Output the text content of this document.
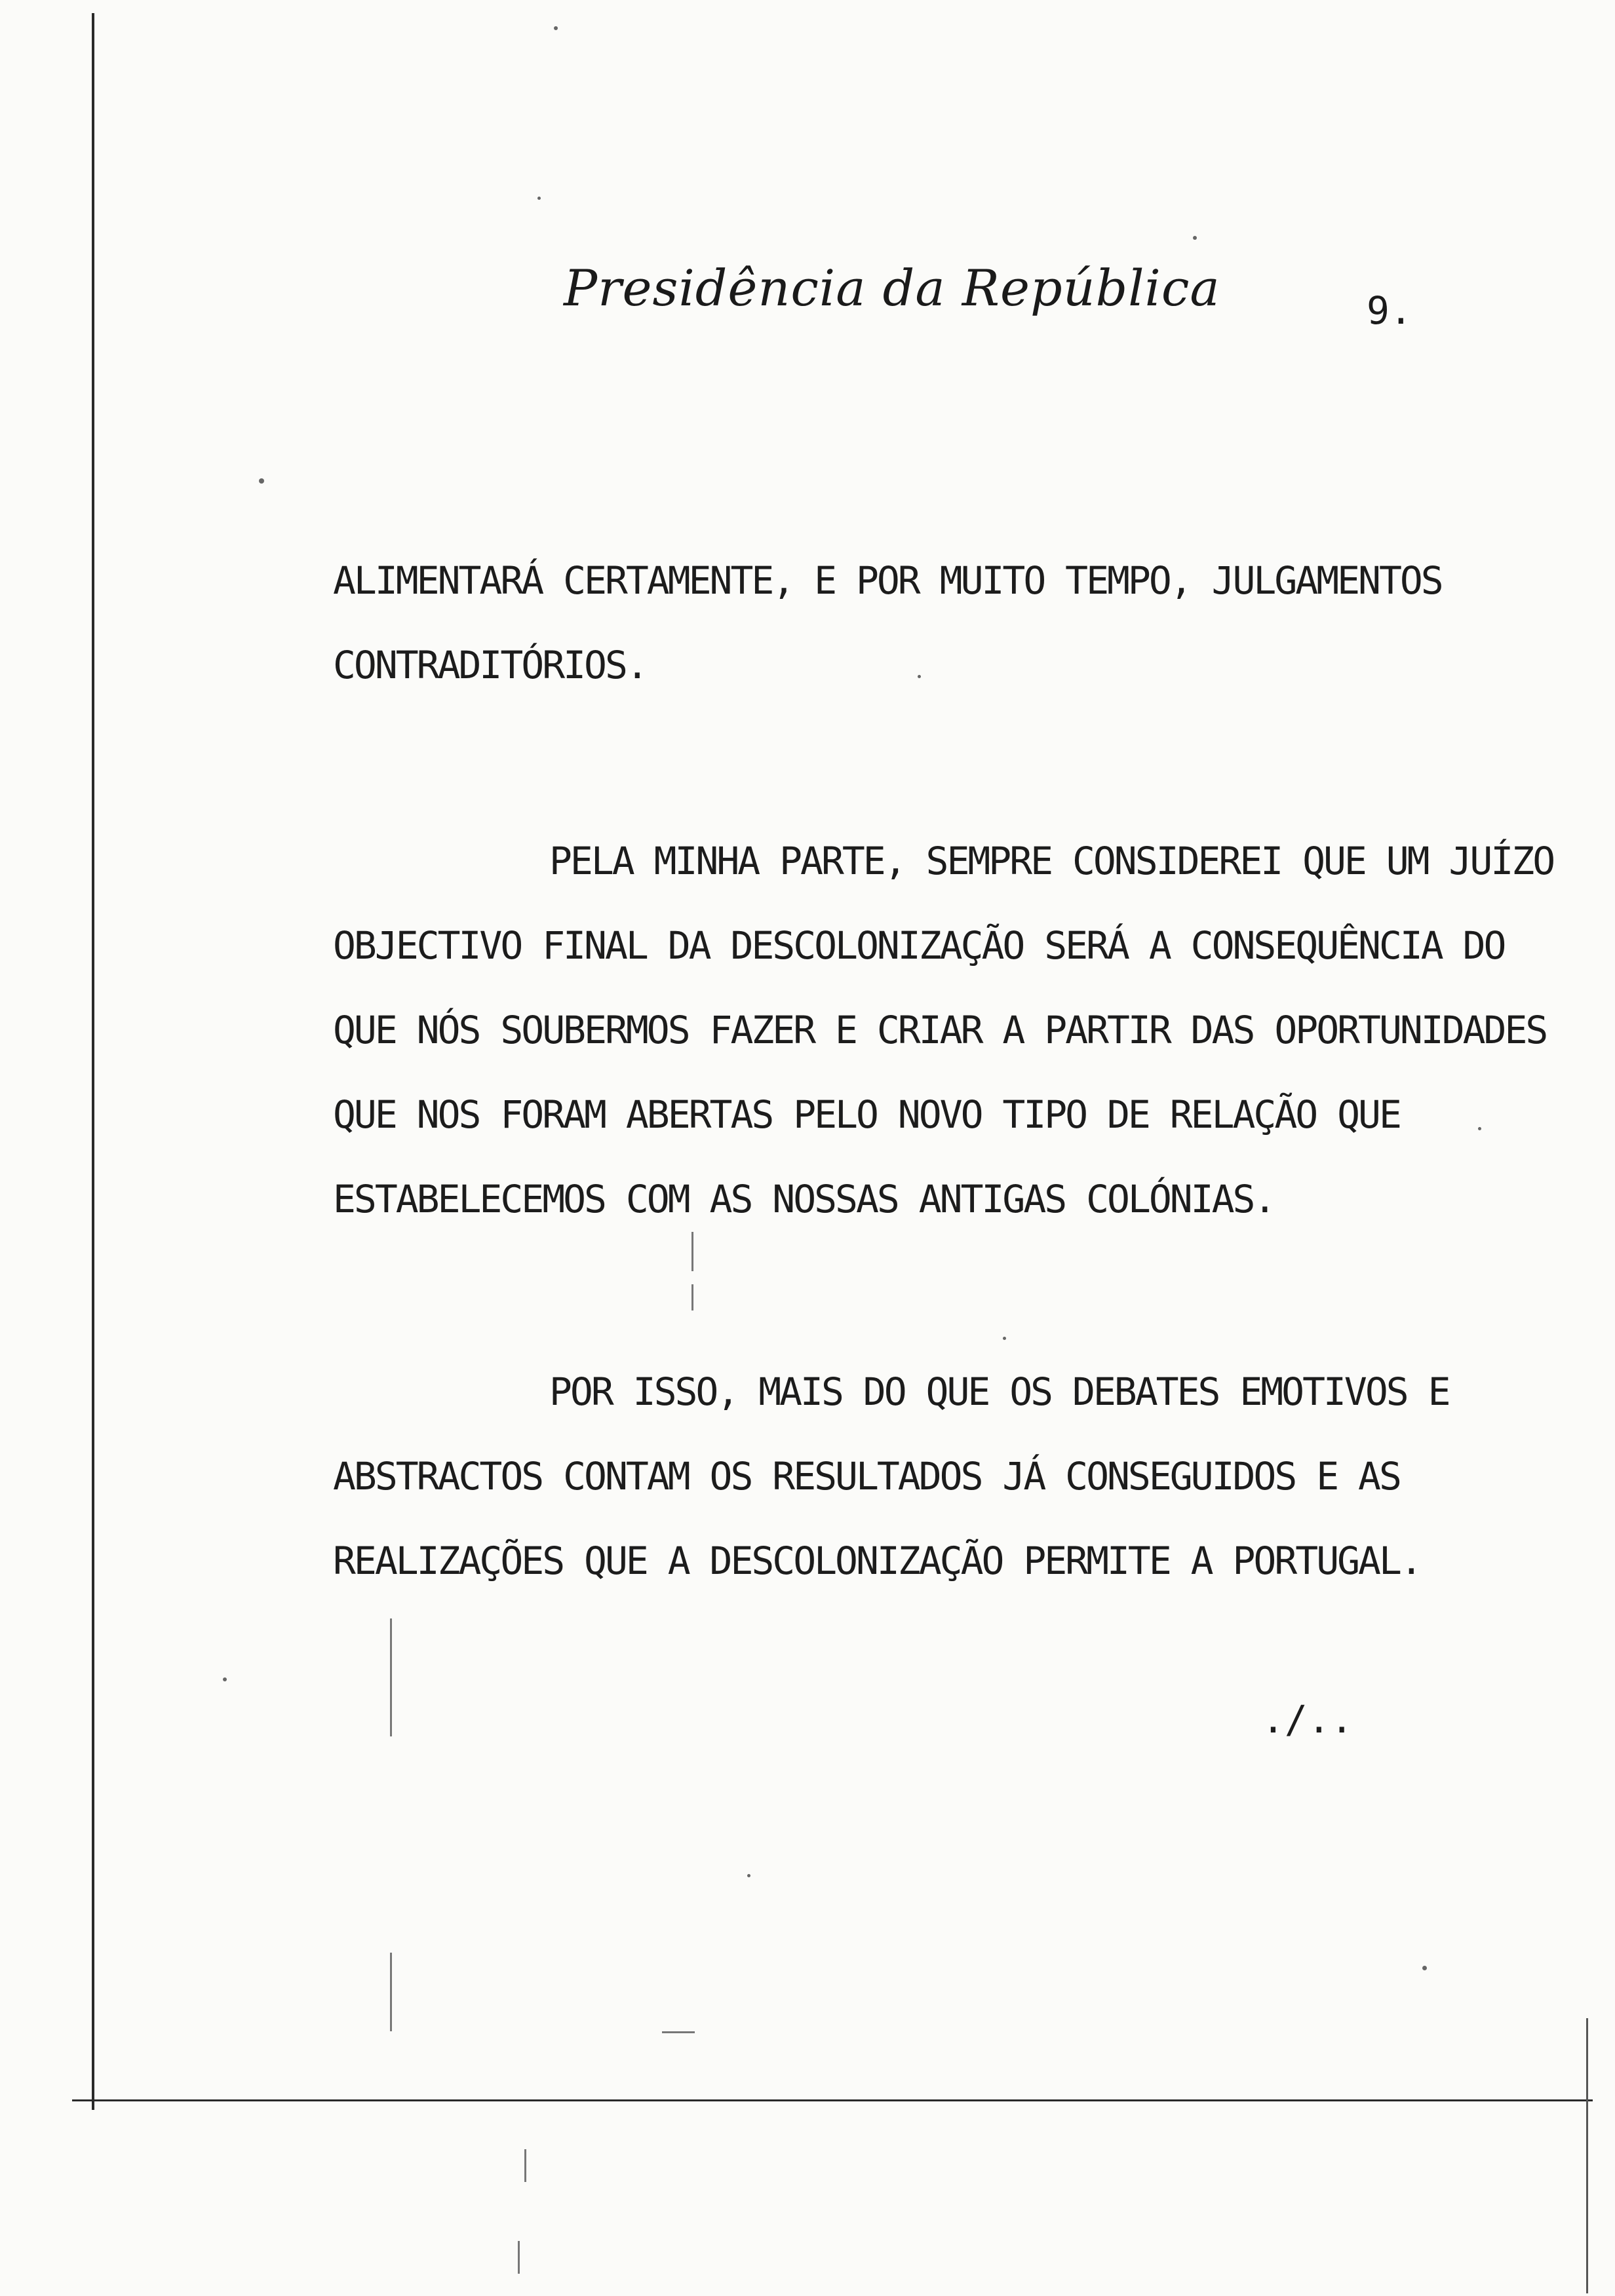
Presidência da República	9.

ALIMENTARÁ CERTAMENTE, E POR MUITO TEMPO, JULGAMENTOS
CONTRADITÓRIOS.

PELA MINHA PARTE, SEMPRE CONSIDEREI QUE UM JUÍZO
OBJECTIVO FINAL DA DESCOLONIZAÇÃO SERÁ A CONSEQUÊNCIA DO
QUE NÓS SOUBERMOS FAZER E CRIAR A PARTIR DAS OPORTUNIDADES
QUE NOS FORAM ABERTAS PELO NOVO TIPO DE RELAÇÃO QUE
ESTABELECEMOS COM AS NOSSAS ANTIGAS COLÓNIAS.

POR ISSO, MAIS DO QUE OS DEBATES EMOTIVOS E
ABSTRACTOS CONTAM OS RESULTADOS JÁ CONSEGUIDOS E AS
REALIZAÇÕES QUE A DESCOLONIZAÇÃO PERMITE A PORTUGAL.

./..
